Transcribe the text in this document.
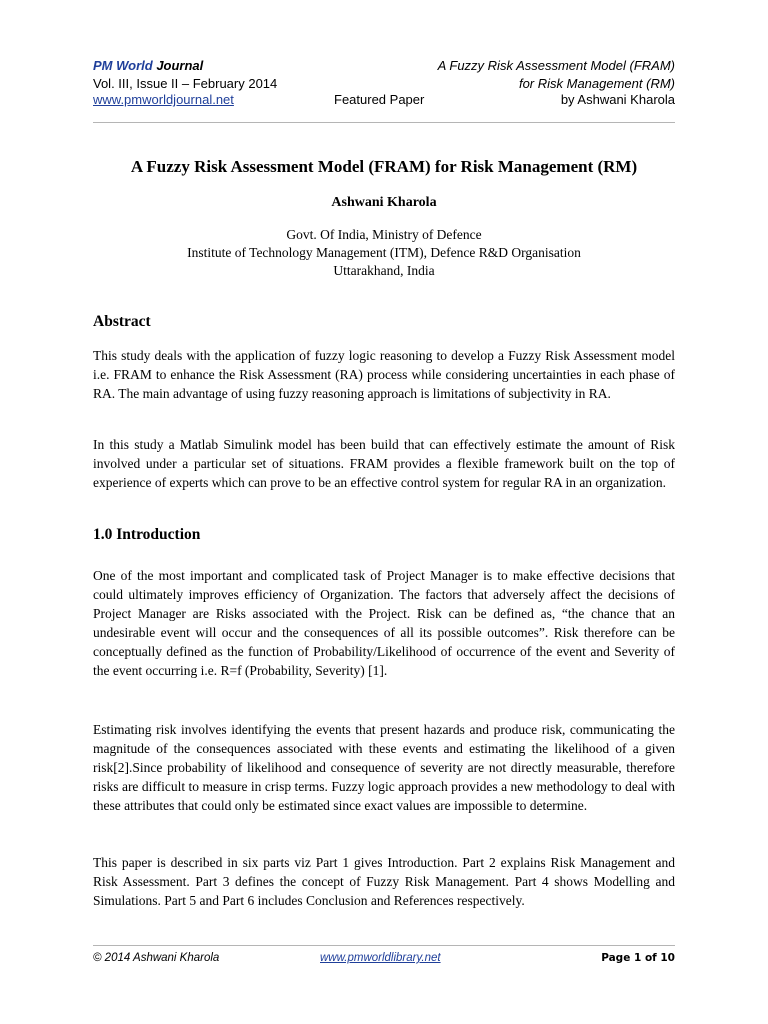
PM World Journal	A Fuzzy Risk Assessment Model (FRAM)
Vol. III, Issue II – February 2014	for Risk Management (RM)
www.pmworldjournal.net	Featured Paper	by Ashwani Kharola
A Fuzzy Risk Assessment Model (FRAM) for Risk Management (RM)
Ashwani Kharola
Govt. Of India, Ministry of Defence
Institute of Technology Management (ITM), Defence R&D Organisation
Uttarakhand, India
Abstract
This study deals with the application of fuzzy logic reasoning to develop a Fuzzy Risk Assessment model i.e. FRAM to enhance the Risk Assessment (RA) process while considering uncertainties in each phase of RA. The main advantage of using fuzzy reasoning approach is limitations of subjectivity in RA.
In this study a Matlab Simulink model has been build that can effectively estimate the amount of Risk involved under a particular set of situations. FRAM provides a flexible framework built on the top of experience of experts which can prove to be an effective control system for regular RA in an organization.
1.0 Introduction
One of the most important and complicated task of Project Manager is to make effective decisions that could ultimately improves efficiency of Organization. The factors that adversely affect the decisions of Project Manager are Risks associated with the Project. Risk can be defined as, “the chance that an undesirable event will occur and the consequences of all its possible outcomes”. Risk therefore can be conceptually defined as the function of Probability/Likelihood of occurrence of the event and Severity of the event occurring i.e. R=f (Probability, Severity) [1].
Estimating risk involves identifying the events that present hazards and produce risk, communicating the magnitude of the consequences associated with these events and estimating the likelihood of a given risk[2].Since probability of likelihood and consequence of severity are not directly measurable, therefore risks are difficult to measure in crisp terms. Fuzzy logic approach provides a new methodology to deal with these attributes that could only be estimated since exact values are impossible to determine.
This paper is described in six parts viz Part 1 gives Introduction. Part 2 explains Risk Management and Risk Assessment. Part 3 defines the concept of Fuzzy Risk Management. Part 4 shows Modelling and Simulations. Part 5 and Part 6 includes Conclusion and References respectively.
© 2014 Ashwani Kharola	www.pmworldlibrary.net	Page 1 of 10
